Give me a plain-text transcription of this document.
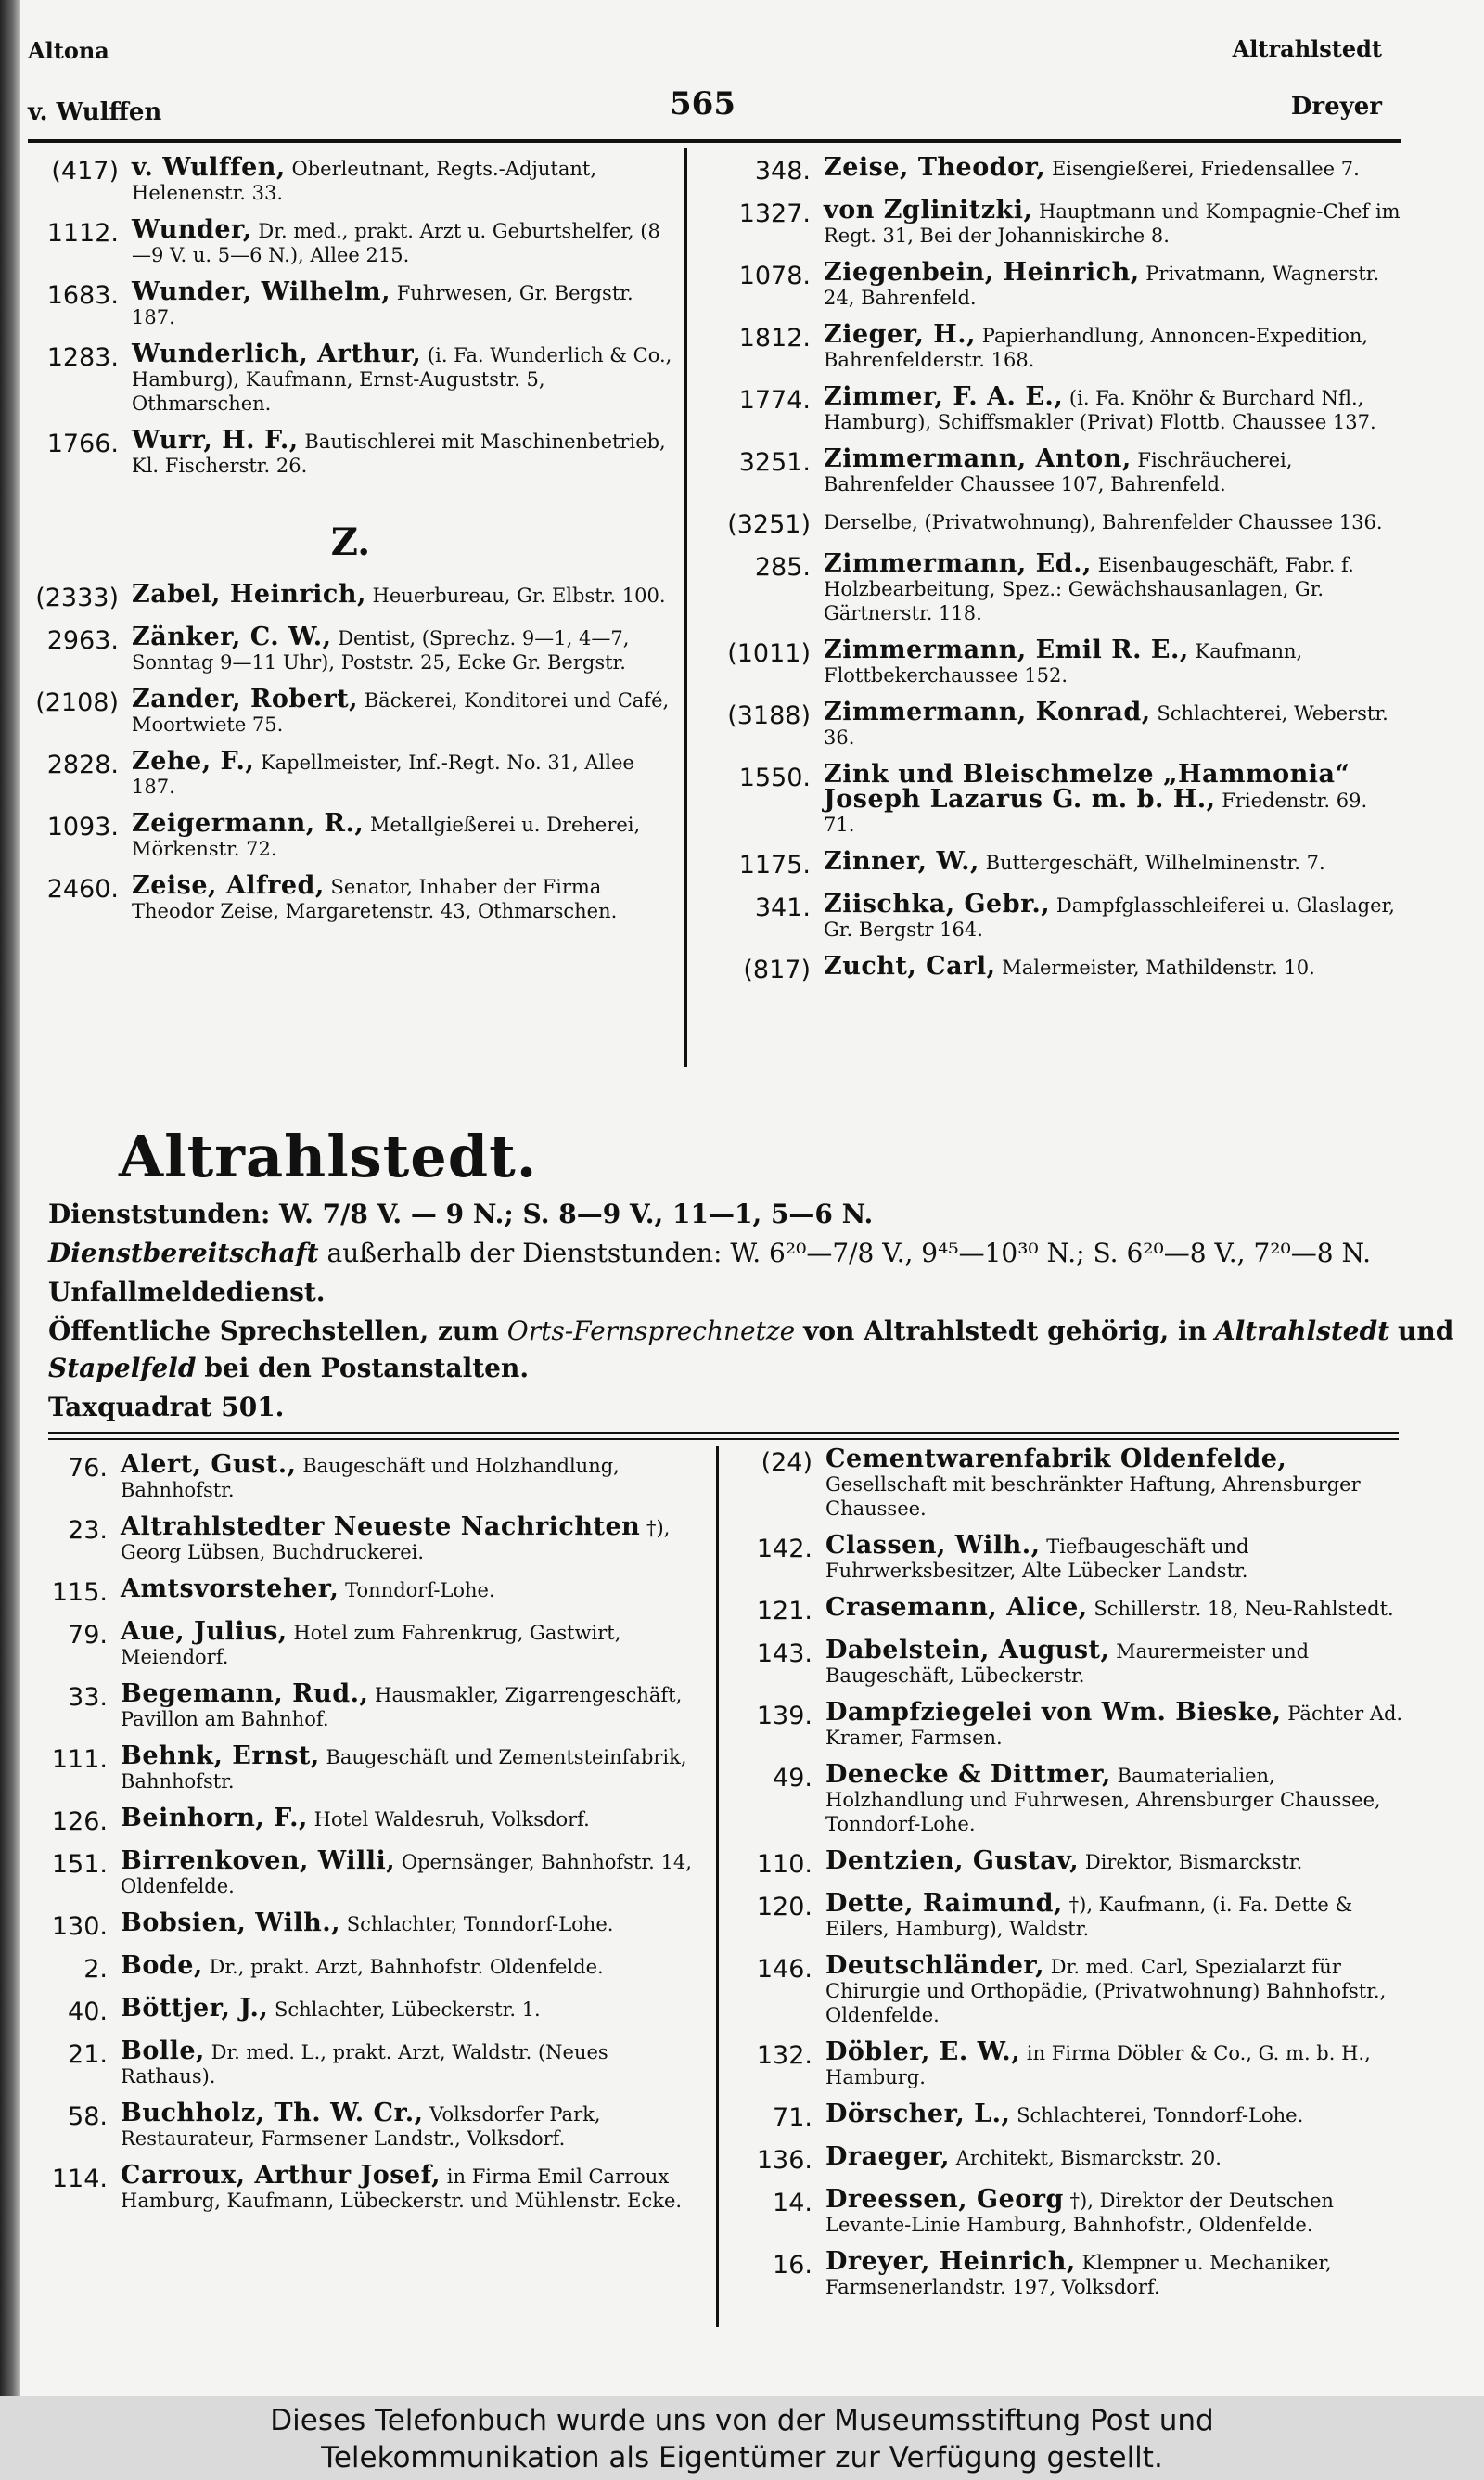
Altona
v. Wulffen	565
Altrahlstedt
Dreyer
(417) v. Wulffen, Oberleutnant, Regts.-Adjutant, Helenenstr. 33.
1112. Wunder, Dr. med., prakt. Arzt u. Geburtshelfer, (8—9 V. u. 5—6 N.), Allee 215.
1683. Wunder, Wilhelm, Fuhrwesen, Gr. Bergstr. 187.
1283. Wunderlich, Arthur, (i. Fa. Wunderlich & Co., Hamburg), Kaufmann, Ernst-Auguststr. 5, Othmarschen.
1766. Wurr, H. F., Bautischlerei mit Maschinenbetrieb, Kl. Fischerstr. 26.
Z.
(2333) Zabel, Heinrich, Heuerbureau, Gr. Elbstr. 100.
2963. Zänker, C. W., Dentist, (Sprechz. 9—1, 4—7, Sonntag 9—11 Uhr), Poststr. 25, Ecke Gr. Bergstr.
(2108) Zander, Robert, Bäckerei, Konditorei und Café, Moortwiete 75.
2828. Zehe, F., Kapellmeister, Inf.-Regt. No. 31, Allee 187.
1093. Zeigermann, R., Metallgießerei u. Dreherei, Mörkenstr. 72.
2460. Zeise, Alfred, Senator, Inhaber der Firma Theodor Zeise, Margaretenstr. 43, Othmarschen.
348. Zeise, Theodor, Eisengießerei, Friedensallee 7.
1327. von Zglinitzki, Hauptmann und Kompagnie-Chef im Regt. 31, Bei der Johanniskirche 8.
1078. Ziegenbein, Heinrich, Privatmann, Wagnerstr. 24, Bahrenfeld.
1812. Zieger, H., Papierhandlung, Annoncen-Expedition, Bahrenfelderstr. 168.
1774. Zimmer, F. A. E., (i. Fa. Knöhr & Burchard Nfl., Hamburg), Schiffsmakler (Privat) Flottb. Chaussee 137.
3251. Zimmermann, Anton, Fischräucherei, Bahrenfelder Chaussee 107, Bahrenfeld.
(3251) Derselbe, (Privatwohnung), Bahrenfelder Chaussee 136.
285. Zimmermann, Ed., Eisenbaugeschäft, Fabr. f. Holzbearbeitung, Spez.: Gewächshausanlagen, Gr. Gärtnerstr. 118.
(1011) Zimmermann, Emil R. E., Kaufmann, Flottbekerchaussee 152.
(3188) Zimmermann, Konrad, Schlachterei, Weberstr. 36.
1550. Zink und Bleischmelze „Hammonia“ Joseph Lazarus G. m. b. H., Friedenstr. 69. 71.
1175. Zinner, W., Buttergeschäft, Wilhelminenstr. 7.
341. Ziischka, Gebr., Dampfglasschleiferei u. Glaslager, Gr. Bergstr 164.
(817) Zucht, Carl, Malermeister, Mathildenstr. 10.
Altrahlstedt.
Dienststunden: W. 7/8 V. — 9 N.; S. 8—9 V., 11—1, 5—6 N.
Dienstbereitschaft außerhalb der Dienststunden: W. 6²⁰—7/8 V., 9⁴⁵—10³⁰ N.; S. 6²⁰—8 V., 7²⁰—8 N.
Unfallmeldedienst.
Öffentliche Sprechstellen, zum Orts-Fernsprechnetze von Altrahlstedt gehörig, in Altrahlstedt und
Stapelfeld bei den Postanstalten.
Taxquadrat 501.
76. Alert, Gust., Baugeschäft und Holzhandlung, Bahnhofstr.
23. Altrahlstedter Neueste Nachrichten †), Georg Lübsen, Buchdruckerei.
115. Amtsvorsteher, Tonndorf-Lohe.
79. Aue, Julius, Hotel zum Fahrenkrug, Gastwirt, Meiendorf.
33. Begemann, Rud., Hausmakler, Zigarrengeschäft, Pavillon am Bahnhof.
111. Behnk, Ernst, Baugeschäft und Zementsteinfabrik, Bahnhofstr.
126. Beinhorn, F., Hotel Waldesruh, Volksdorf.
151. Birrenkoven, Willi, Opernsänger, Bahnhofstr. 14, Oldenfelde.
130. Bobsien, Wilh., Schlachter, Tonndorf-Lohe.
2. Bode, Dr., prakt. Arzt, Bahnhofstr. Oldenfelde.
40. Böttjer, J., Schlachter, Lübeckerstr. 1.
21. Bolle, Dr. med. L., prakt. Arzt, Waldstr. (Neues Rathaus).
58. Buchholz, Th. W. Cr., Volksdorfer Park, Restaurateur, Farmsener Landstr., Volksdorf.
114. Carroux, Arthur Josef, in Firma Emil Carroux Hamburg, Kaufmann, Lübeckerstr. und Mühlenstr. Ecke.
(24) Cementwarenfabrik Oldenfelde, Gesellschaft mit beschränkter Haftung, Ahrensburger Chaussee.
142. Classen, Wilh., Tiefbaugeschäft und Fuhrwerksbesitzer, Alte Lübecker Landstr.
121. Crasemann, Alice, Schillerstr. 18, Neu-Rahlstedt.
143. Dabelstein, August, Maurermeister und Baugeschäft, Lübeckerstr.
139. Dampfziegelei von Wm. Bieske, Pächter Ad. Kramer, Farmsen.
49. Denecke & Dittmer, Baumaterialien, Holzhandlung und Fuhrwesen, Ahrensburger Chaussee, Tonndorf-Lohe.
110. Dentzien, Gustav, Direktor, Bismarckstr.
120. Dette, Raimund, †), Kaufmann, (i. Fa. Dette & Eilers, Hamburg), Waldstr.
146. Deutschländer, Dr. med. Carl, Spezialarzt für Chirurgie und Orthopädie, (Privatwohnung) Bahnhofstr., Oldenfelde.
132. Döbler, E. W., in Firma Döbler & Co., G. m. b. H., Hamburg.
71. Dörscher, L., Schlachterei, Tonndorf-Lohe.
136. Draeger, Architekt, Bismarckstr. 20.
14. Dreessen, Georg †), Direktor der Deutschen Levante-Linie Hamburg, Bahnhofstr., Oldenfelde.
16. Dreyer, Heinrich, Klempner u. Mechaniker, Farmsenerlandstr. 197, Volksdorf.
Dieses Telefonbuch wurde uns von der Museumsstiftung Post und
Telekommunikation als Eigentümer zur Verfügung gestellt.
